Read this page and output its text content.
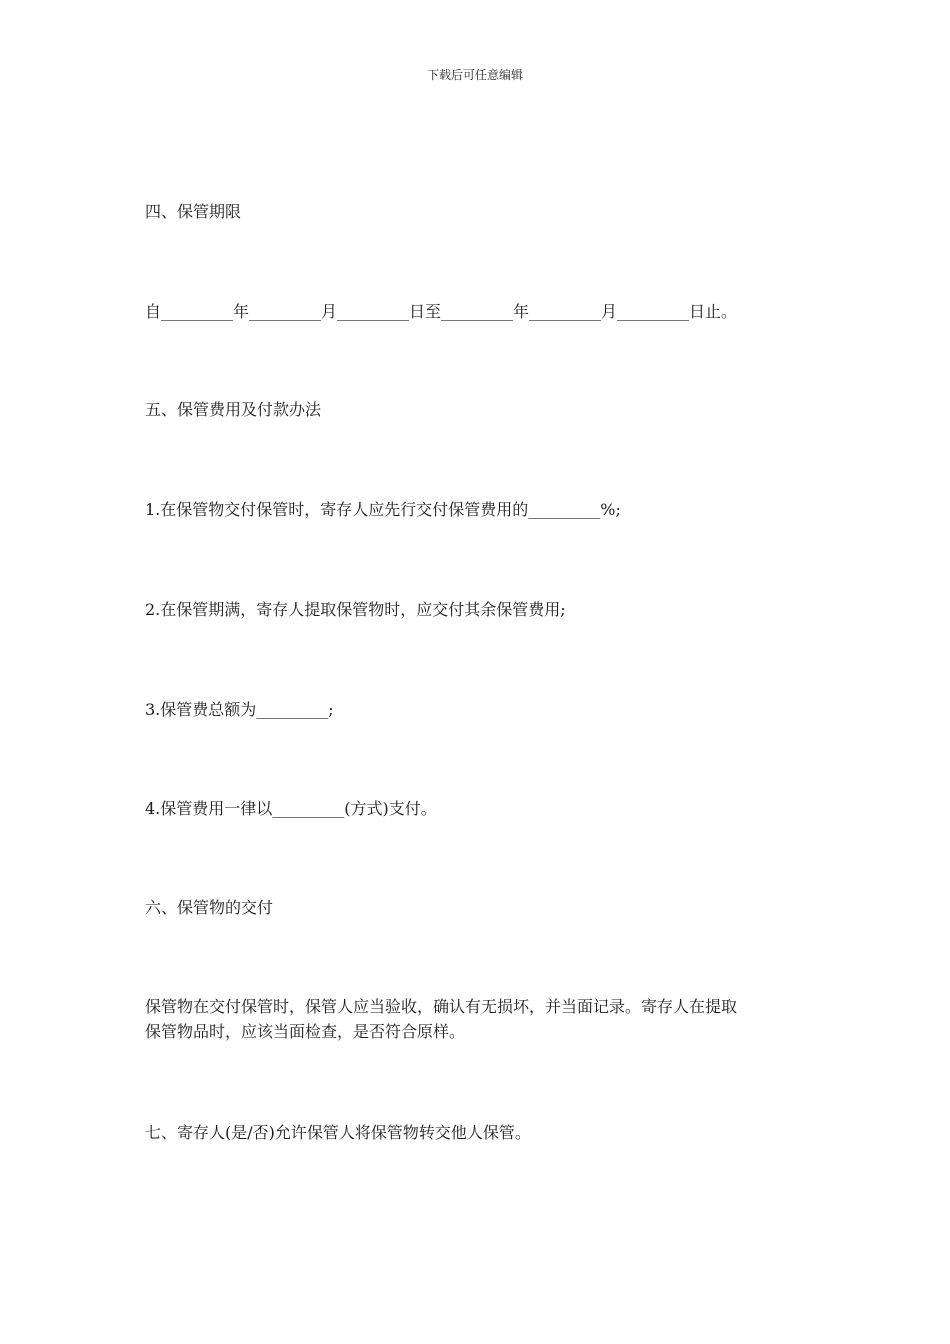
下载后可任意编辑
四、保管期限
自_________年_________月_________日至_________年_________月_________日止。
五、保管费用及付款办法
1.在保管物交付保管时，寄存人应先行交付保管费用的_________%;
2.在保管期满，寄存人提取保管物时，应交付其余保管费用;
3.保管费总额为_________;
4.保管费用一律以_________(方式)支付。
六、保管物的交付
保管物在交付保管时，保管人应当验收，确认有无损坏，并当面记录。寄存人在提取
保管物品时，应该当面检查，是否符合原样。
七、寄存人(是/否)允许保管人将保管物转交他人保管。
